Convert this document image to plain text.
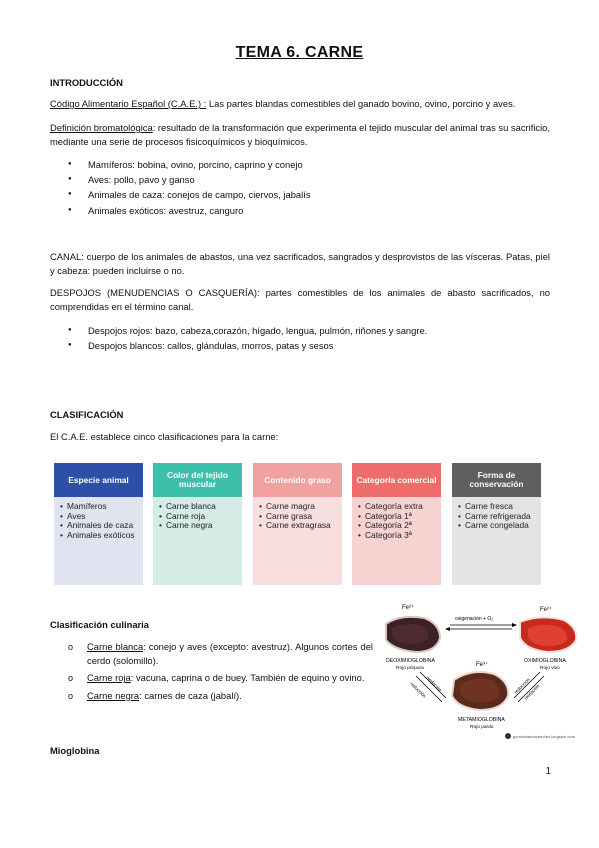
TEMA 6. CARNE
INTRODUCCIÓN
Código Alimentario Español (C.A.E.) : Las partes blandas comestibles del ganado bovino, ovino, porcino y aves.
Definición bromatológica: resultado de la transformación que experimenta el tejido muscular del animal tras su sacrificio, mediante una serie de procesos fisicoquímicos y bioquímicos.
● Mamíferos: bobina, ovino, porcino, caprino y conejo
● Aves: pollo, pavo y ganso
● Animales de caza: conejos de campo, ciervos, jabalís
● Animales exóticos: avestruz, canguro
CANAL: cuerpo de los animales de abastos, una vez sacrificados, sangrados y desprovistos de las vísceras. Patas, piel y cabeza: pueden incluirse o no.
DESPOJOS (MENUDENCIAS O CASQUERÍA): partes comestibles de los animales de abasto sacrificados, no comprendidas en el término canal.
● Despojos rojos: bazo, cabeza,corazón, hígado, lengua, pulmón, riñones y sangre.
● Despojos blancos: callos, glándulas, morros, patas y sesos
CLASIFICACIÓN
El C.A.E. establece cinco clasificaciones para la carne:
Especie animal
• Mamíferos
• Aves
• Animales de caza
• Animales exóticos
Color del tejido muscular
• Carne blanca
• Carne roja
• Carne negra
Contenido graso
• Carne magra
• Carne grasa
• Carne extragrasa
Categoría comercial
• Categoría extra
• Categoría 1ª
• Categoría 2ª
• Categoría 3ª
Forma de conservación
• Carne fresca
• Carne refrigerada
• Carne congelada
Clasificación culinaria
o Carne blanca: conejo y aves (excepto: avestruz). Algunos cortes del cerdo (solomillo).
o Carne roja: vacuna, caprina o de buey. También de equino y ovino.
o Carne negra: carnes de caza (jabalí).
Fe²⁺	Fe²⁺
Fe³⁺
oxigenación + O₂
DEOXIMIOGLOBINA
Rojo púrpura
OXIMIOGLOBINA
Rojo vivo
METAMIOGLOBINA
Rojo pardo
oxidación
reducción	reducción
oxidación
gominolasdepetroleo.blogspot.com
Mioglobina
1
